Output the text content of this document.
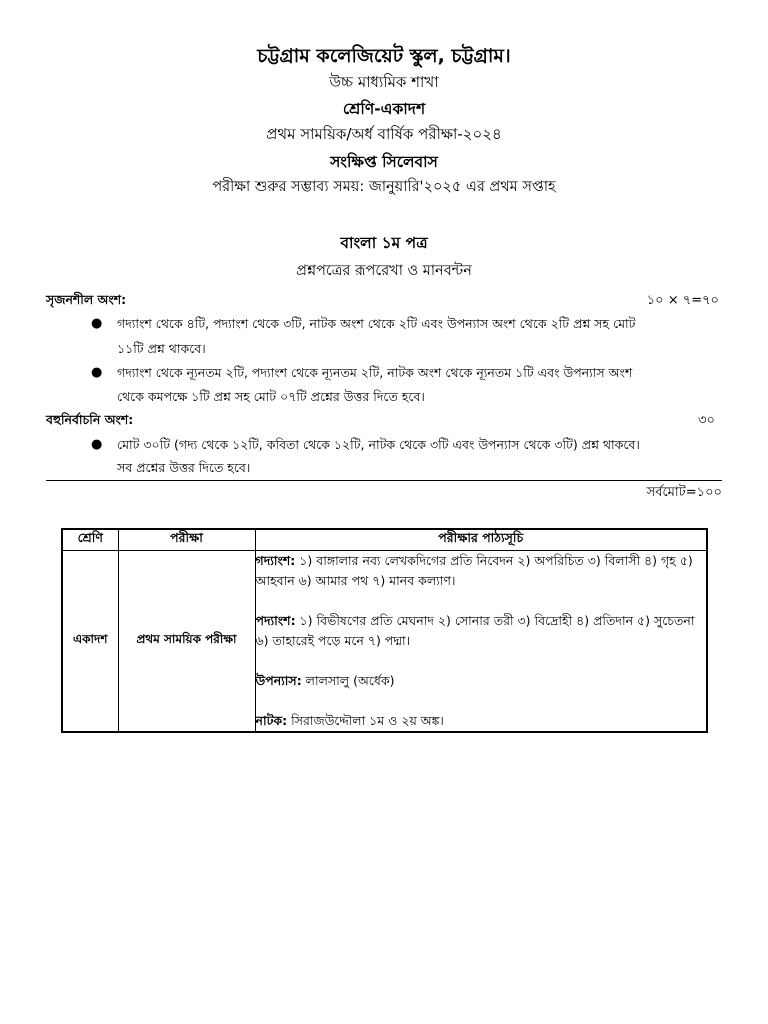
চট্টগ্রাম কলেজিয়েট স্কুল, চট্টগ্রাম।
উচ্চ মাধ্যমিক শাখা
শ্রেণি-একাদশ
প্রথম সাময়িক/অর্ধ বার্ষিক পরীক্ষা-২০২৪
সংক্ষিপ্ত সিলেবাস
পরীক্ষা শুরুর সম্ভাব্য সময়: জানুয়ারি'২০২৫ এর প্রথম সপ্তাহ
বাংলা ১ম পত্র
প্রশ্নপত্রের রূপরেখা ও মানবন্টন
সৃজনশীল অংশ:	১০ × ৭=৭০
● গদ্যাংশ থেকে ৪টি, পদ্যাংশ থেকে ৩টি, নাটক অংশ থেকে ২টি এবং উপন্যাস অংশ থেকে ২টি প্রশ্ন সহ মোট
১১টি প্রশ্ন থাকবে।
● গদ্যাংশ থেকে ন্যূনতম ২টি, পদ্যাংশ থেকে ন্যূনতম ২টি, নাটক অংশ থেকে ন্যূনতম ১টি এবং উপন্যাস অংশ
থেকে কমপক্ষে ১টি প্রশ্ন সহ মোট ০৭টি প্রশ্নের উত্তর দিতে হবে।
বহুনির্বাচনি অংশ:	৩০
● মোট ৩০টি (গদ্য থেকে ১২টি, কবিতা থেকে ১২টি, নাটক থেকে ৩টি এবং উপন্যাস থেকে ৩টি) প্রশ্ন থাকবে।
সব প্রশ্নের উত্তর দিতে হবে।
সর্বমোট=১০০
শ্রেণি	পরীক্ষা	পরীক্ষার পাঠ্যসূচি
একাদশ	প্রথম সাময়িক পরীক্ষা	গদ্যাংশ: ১) বাঙ্গালার নব্য লেখকদিগের প্রতি নিবেদন ২) অপরিচিত ৩) বিলাসী ৪) গৃহ ৫) আহবান ৬) আমার পথ ৭) মানব কল্যাণ।
পদ্যাংশ: ১) বিভীষণের প্রতি মেঘনাদ ২) সোনার তরী ৩) বিদ্রোহী ৪) প্রতিদান ৫) সুচেতনা ৬) তাহারেই পড়ে মনে ৭) পদ্মা।
উপন্যাস: লালসালু (অর্ধেক)
নাটক: সিরাজউদ্দৌলা ১ম ও ২য় অঙ্ক।
